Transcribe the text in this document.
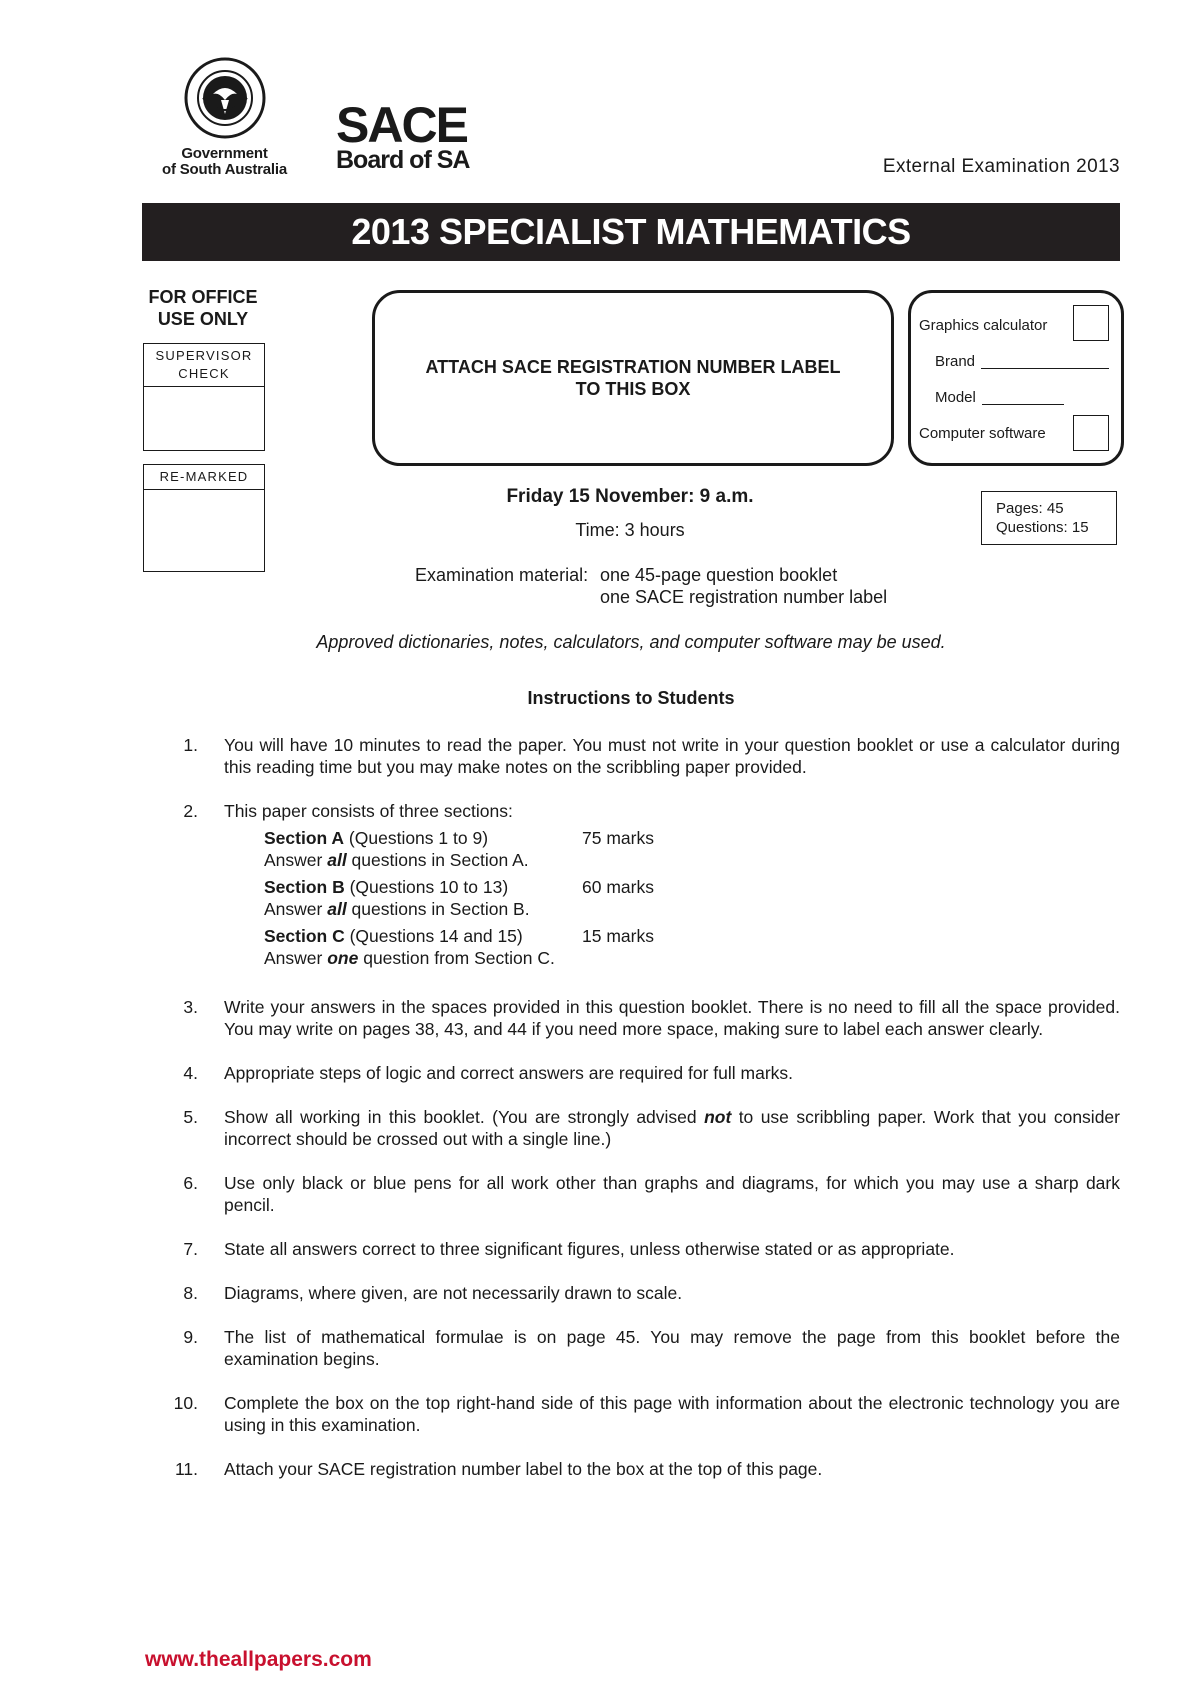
Government
of South Australia
SACE
Board of SA	External Examination 2013
2013 SPECIALIST MATHEMATICS
FOR OFFICE
USE ONLY
SUPERVISOR
CHECK
RE-MARKED
ATTACH SACE REGISTRATION NUMBER LABEL
TO THIS BOX
Graphics calculator
Brand
Model
Computer software
Friday 15 November: 9 a.m.
Time: 3 hours
Pages: 45
Questions: 15
Examination material: one 45-page question booklet
one SACE registration number label
Approved dictionaries, notes, calculators, and computer software may be used.
Instructions to Students
1. You will have 10 minutes to read the paper. You must not write in your question booklet or use a calculator during this reading time but you may make notes on the scribbling paper provided.
2. This paper consists of three sections:
Section A (Questions 1 to 9)	75 marks
Answer all questions in Section A.
Section B (Questions 10 to 13)	60 marks
Answer all questions in Section B.
Section C (Questions 14 and 15)	15 marks
Answer one question from Section C.
3. Write your answers in the spaces provided in this question booklet. There is no need to fill all the space provided. You may write on pages 38, 43, and 44 if you need more space, making sure to label each answer clearly.
4. Appropriate steps of logic and correct answers are required for full marks.
5. Show all working in this booklet. (You are strongly advised not to use scribbling paper. Work that you consider incorrect should be crossed out with a single line.)
6. Use only black or blue pens for all work other than graphs and diagrams, for which you may use a sharp dark pencil.
7. State all answers correct to three significant figures, unless otherwise stated or as appropriate.
8. Diagrams, where given, are not necessarily drawn to scale.
9. The list of mathematical formulae is on page 45. You may remove the page from this booklet before the examination begins.
10. Complete the box on the top right-hand side of this page with information about the electronic technology you are using in this examination.
11. Attach your SACE registration number label to the box at the top of this page.
www.theallpapers.com
